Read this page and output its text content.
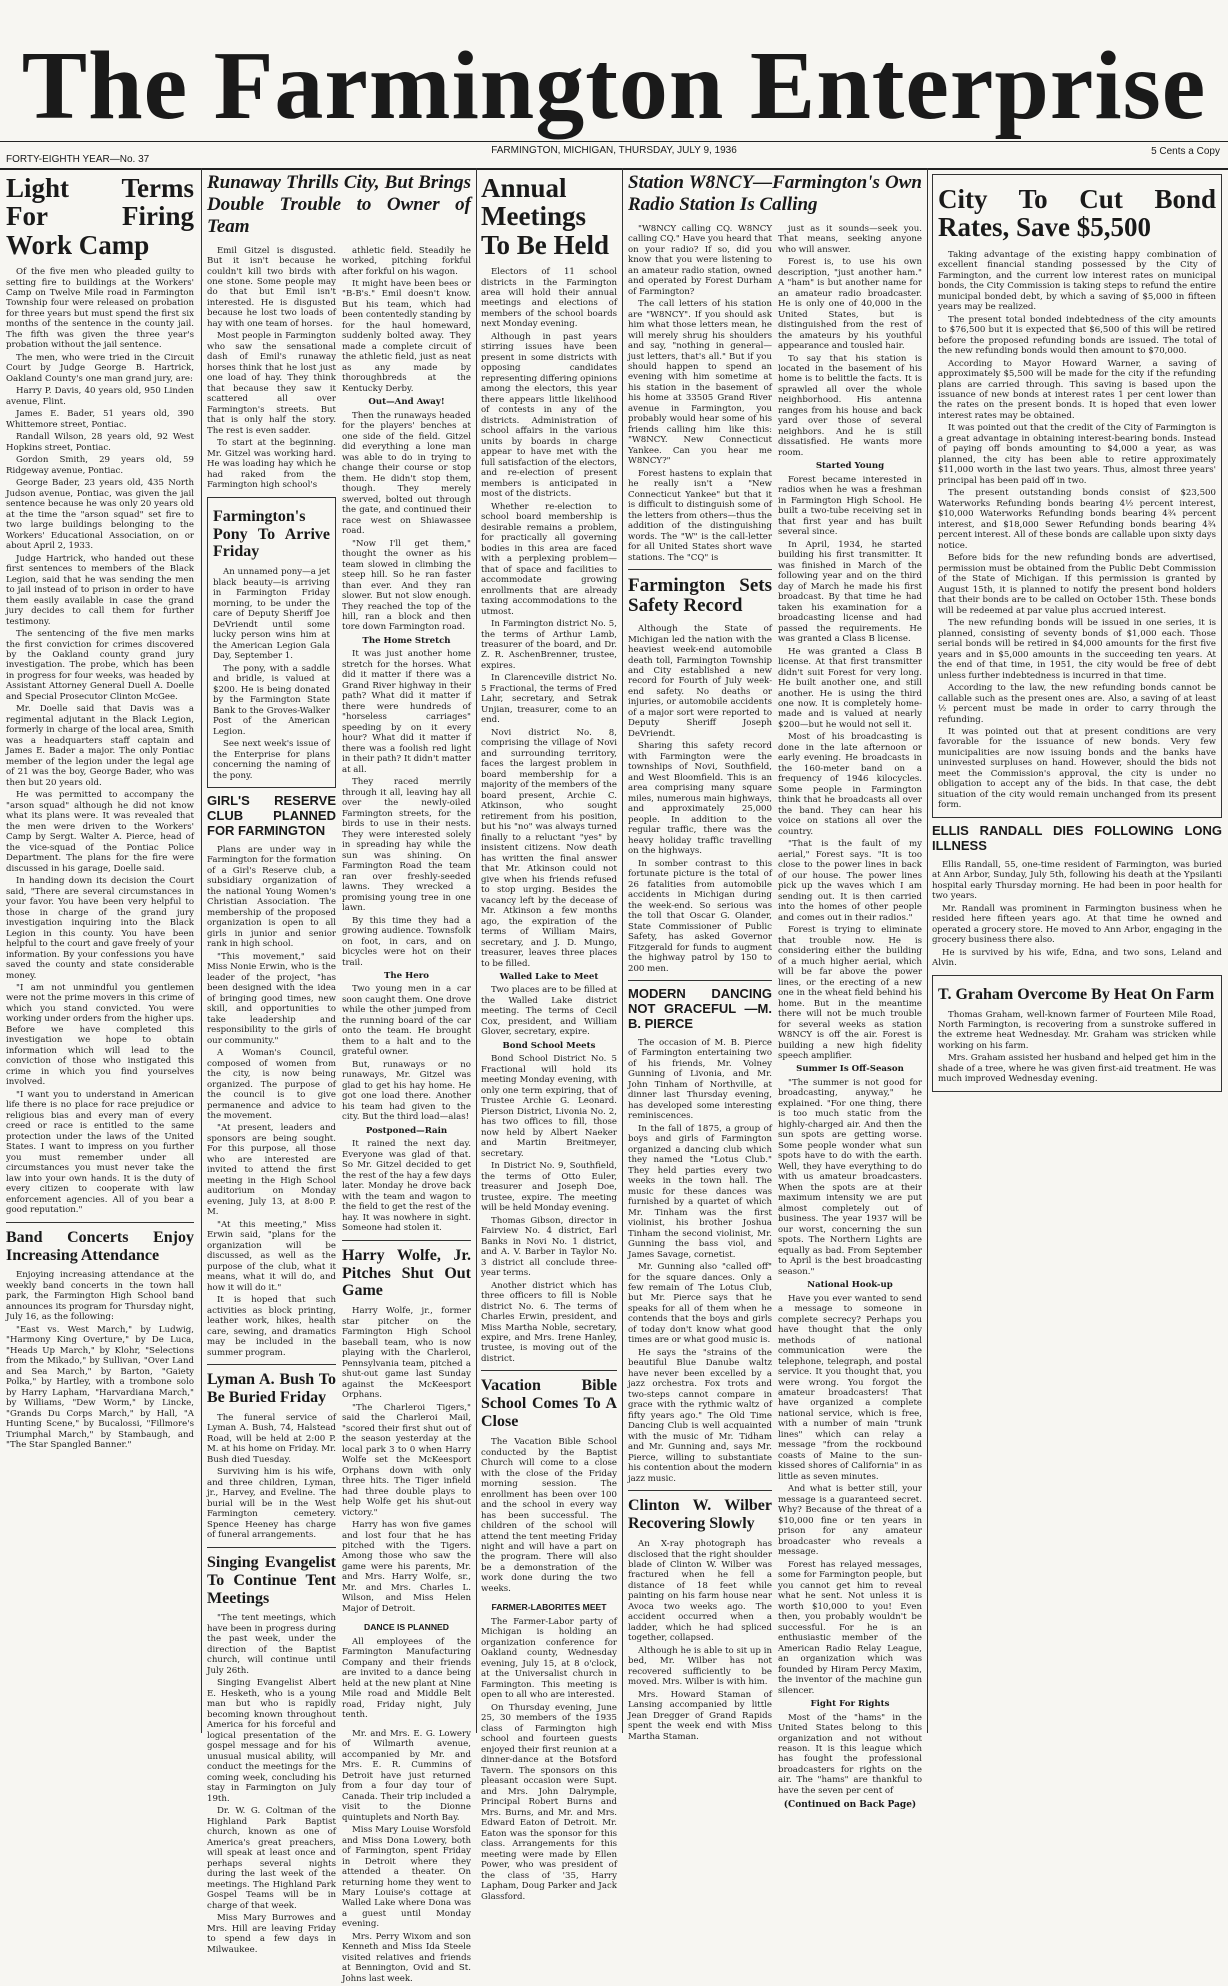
The Farmington Enterprise
FORTY-EIGHTH YEAR—No. 37
FARMINGTON, MICHIGAN, THURSDAY, JULY 9, 1936	5 Cents a Copy
Light Terms For Firing Work Camp

Of the five men who pleaded guilty to setting fire to buildings at the Workers' Camp on Twelve Mile road in Farmington Township four were released on probation for three years but must spend the first six months of the sentence in the county jail. The fifth was given the three year's probation without the jail sentence.

The men, who were tried in the Circuit Court by Judge George B. Hartrick, Oakland County's one man grand jury, are:

Harry P. Davis, 40 years old, 950 Linden avenue, Flint.

James E. Bader, 51 years old, 390 Whittemore street, Pontiac.

Randall Wilson, 28 years old, 92 West Hopkins street, Pontiac.

Gordon Smith, 29 years old, 59 Ridgeway avenue, Pontiac.

George Bader, 23 years old, 435 North Judson avenue, Pontiac, was given the jail sentence because he was only 20 years old at the time the "arson squad" set fire to two large buildings belonging to the Workers' Educational Association, on or about April 2, 1933.

Judge Hartrick, who handed out these first sentences to members of the Black Legion, said that he was sending the men to jail instead of to prison in order to have them easily available in case the grand jury decides to call them for further testimony.

The sentencing of the five men marks the first conviction for crimes discovered by the Oakland county grand jury investigation. The probe, which has been in progress for four weeks, was headed by Assistant Attorney General Duell A. Doelle and Special Prosecutor Clinton McGee.

Mr. Doelle said that Davis was a regimental adjutant in the Black Legion, formerly in charge of the local area, Smith was a headquarters staff captain and James E. Bader a major. The only Pontiac member of the legion under the legal age of 21 was the boy, George Bader, who was then but 20 years old.

He was permitted to accompany the "arson squad" although he did not know what its plans were. It was revealed that the men were driven to the Workers' Camp by Sergt. Walter A. Pierce, head of the vice-squad of the Pontiac Police Department. The plans for the fire were discussed in his garage, Doelle said.

In handing down its decision the Court said, "There are several circumstances in your favor. You have been very helpful to those in charge of the grand jury investigation inquiring into the Black Legion in this county. You have been helpful to the court and gave freely of your information. By your confessions you have saved the county and state considerable money.

"I am not unmindful you gentlemen were not the prime movers in this crime of which you stand convicted. You were working under orders from the higher ups. Before we have completed this investigation we hope to obtain information which will lead to the conviction of those who instigated this crime in which you find yourselves involved.

"I want you to understand in American life there is no place for race prejudice or religious bias and every man of every creed or race is entitled to the same protection under the laws of the United States. I want to impress on you further you must remember under all circumstances you must never take the law into your own hands. It is the duty of every citizen to cooperate with law enforcement agencies. All of you bear a good reputation."

Band Concerts Enjoy Increasing Attendance

Enjoying increasing attendance at the weekly band concerts in the town hall park, the Farmington High School band announces its program for Thursday night, July 16, as the following:

"East vs. West March," by Ludwig, "Harmony King Overture," by De Luca, "Heads Up March," by Klohr, "Selections from the Mikado," by Sullivan, "Over Land and Sea March," by Barton, "Gaiety Polka," by Hartley, with a trombone solo by Harry Lapham, "Harvardiana March," by Williams, "Dew Worm," by Lincke, "Grands Du Corps March," by Hall, "A Hunting Scene," by Bucalossi, "Fillmore's Triumphal March," by Stambaugh, and "The Star Spangled Banner."

Runaway Thrills City, But Brings Double Trouble to Owner of Team

Emil Gitzel is disgusted. But it isn't because he couldn't kill two birds with one stone. Some people may do that but Emil isn't interested. He is disgusted because he lost two loads of hay with one team of horses.

Most people in Farmington who saw the sensational dash of Emil's runaway horses think that he lost just one load of hay. They think that because they saw it scattered all over Farmington's streets. But that is only half the story. The rest is even sadder.

To start at the beginning. Mr. Gitzel was working hard. He was loading hay which he had raked from the Farmington high school's

Farmington's Pony To Arrive Friday

An unnamed pony—a jet black beauty—is arriving in Farmington Friday morning, to be under the care of Deputy Sheriff Joe DeVriendt until some lucky person wins him at the American Legion Gala Day, September 1.

The pony, with a saddle and bridle, is valued at $200. He is being donated by the Farmington State Bank to the Groves-Walker Post of the American Legion.

See next week's issue of the Enterprise for plans concerning the naming of the pony.

GIRL'S RESERVE CLUB PLANNED FOR FARMINGTON

Plans are under way in Farmington for the formation of a Girl's Reserve club, a subsidiary organization of the national Young Women's Christian Association. The membership of the proposed organization is open to all girls in junior and senior rank in high school.

"This movement," said Miss Nonie Erwin, who is the leader of the project, "has been designed with the idea of bringing good times, new skill, and opportunities to take leadership and responsibility to the girls of our community."

A Woman's Council, composed of women from the city, is now being organized. The purpose of the council is to give permanence and advice to the movement.

"At present, leaders and sponsors are being sought. For this purpose, all those who are interested are invited to attend the first meeting in the High School auditorium on Monday evening, July 13, at 8:00 P. M.

"At this meeting," Miss Erwin said, "plans for the organization will be discussed, as well as the purpose of the club, what it means, what it will do, and how it will do it."

It is hoped that such activities as block printing, leather work, hikes, health care, sewing, and dramatics may be included in the summer program.

Lyman A. Bush To Be Buried Friday

The funeral service of Lyman A. Bush, 74, Halstead Road, will be held at 2:00 P. M. at his home on Friday. Mr. Bush died Tuesday.

Surviving him is his wife, and three children, Lyman, jr., Harvey, and Eveline. The burial will be in the West Farmington cemetery. Spence Heeney has charge of funeral arrangements.

Singing Evangelist To Continue Tent Meetings

"The tent meetings, which have been in progress during the past week, under the direction of the Baptist church, will continue until July 26th.

Singing Evangelist Albert E. Hesketh, who is a young man but who is rapidly becoming known throughout America for his forceful and logical presentation of the gospel message and for his unusual musical ability, will conduct the meetings for the coming week, concluding his stay in Farmington on July 19th.

Dr. W. G. Coltman of the Highland Park Baptist church, known as one of America's great preachers, will speak at least once and perhaps several nights during the last week of the meetings. The Highland Park Gospel Teams will be in charge of that week.

Miss Mary Burrowes and Mrs. Hill are leaving Friday to spend a few days in Milwaukee.

athletic field. Steadily he worked, pitching forkful after forkful on his wagon.

It might have been bees or "B-B's." Emil doesn't know. But his team, which had been contentedly standing by for the haul homeward, suddenly bolted away. They made a complete circuit of the athletic field, just as neat as any made by thoroughbreds at the Kentucky Derby.

Out—And Away!

Then the runaways headed for the players' benches at one side of the field. Gitzel did everything a lone man was able to do in trying to change their course or stop them. He didn't stop them, though. They merely swerved, bolted out through the gate, and continued their race west on Shiawassee road.

"Now I'll get them," thought the owner as his team slowed in climbing the steep hill. So he ran faster than ever. And they ran slower. But not slow enough. They reached the top of the hill, ran a block and then tore down Farmington road.

The Home Stretch

It was just another home stretch for the horses. What did it matter if there was a Grand River highway in their path? What did it matter if there were hundreds of "horseless carriages" speeding by on it every hour? What did it matter if there was a foolish red light in their path? It didn't matter at all.

They raced merrily through it all, leaving hay all over the newly-oiled Farmington streets, for the birds to use in their nests. They were interested solely in spreading hay while the sun was shining. On Farmington Road the team ran over freshly-seeded lawns. They wrecked a promising young tree in one lawn.

By this time they had a growing audience. Townsfolk on foot, in cars, and on bicycles were hot on their trail.

The Hero

Two young men in a car soon caught them. One drove while the other jumped from the running board of the car onto the team. He brought them to a halt and to the grateful owner.

But, runaways or no runaways, Mr. Gitzel was glad to get his hay home. He got one load there. Another his team had given to the city. But the third load—alas!

Postponed—Rain

It rained the next day. Everyone was glad of that. So Mr. Gitzel decided to get the rest of the hay a few days later. Monday he drove back with the team and wagon to the field to get the rest of the hay. It was nowhere in sight. Someone had stolen it.

Harry Wolfe, Jr. Pitches Shut Out Game

Harry Wolfe, jr., former star pitcher on the Farmington High School baseball team, who is now playing with the Charleroi, Pennsylvania team, pitched a shut-out game last Sunday against the McKeesport Orphans.

"The Charleroi Tigers," said the Charleroi Mail, "scored their first shut out of the season yesterday at the local park 3 to 0 when Harry Wolfe set the McKeesport Orphans down with only three hits. The Tiger infield had three double plays to help Wolfe get his shut-out victory."

Harry has won five games and lost four that he has pitched with the Tigers. Among those who saw the game were his parents, Mr. and Mrs. Harry Wolfe, sr., Mr. and Mrs. Charles L. Wilson, and Miss Helen Major of Detroit.

DANCE IS PLANNED

All employees of the Farmington Manufacturing Company and their friends are invited to a dance being held at the new plant at Nine Mile road and Middle Belt road, Friday night, July tenth.

Mr. and Mrs. E. G. Lowery of Wilmarth avenue, accompanied by Mr. and Mrs. E. R. Cummins of Detroit have just returned from a four day tour of Canada. Their trip included a visit to the Dionne quintuplets and North Bay.

Miss Mary Louise Worsfold and Miss Dona Lowery, both of Farmington, spent Friday in Detroit where they attended a theater. On returning home they went to Mary Louise's cottage at Walled Lake where Dona was a guest until Monday evening.

Mrs. Perry Wixom and son Kenneth and Miss Ida Steele visited relatives and friends at Bennington, Ovid and St. Johns last week.

Annual Meetings To Be Held

Electors of 11 school districts in the Farmington area will hold their annual meetings and elections of members of the school boards next Monday evening.

Although in past years stirring issues have been present in some districts with opposing candidates representing differing opinions among the electors, this year there appears little likelihood of contests in any of the districts. Administration of school affairs in the various units by boards in charge appear to have met with the full satisfaction of the electors, and re-election of present members is anticipated in most of the districts.

Whether re-election to school board membership is desirable remains a problem, for practically all governing bodies in this area are faced with a perplexing problem—that of space and facilities to accommodate growing enrollments that are already taxing accommodations to the utmost.

In Farmington district No. 5, the terms of Arthur Lamb, treasurer of the board, and Dr. Z. R. AschenBrenner, trustee, expires.

In Clarenceville district No. 5 Fractional, the terms of Fred Lahr, secretary, and Setrak Unjian, treasurer, come to an end.

Novi district No. 8, comprising the village of Novi and surrounding territory, faces the largest problem in board membership for a majority of the members of the board present, Archie C. Atkinson, who sought retirement from his position, but his "no" was always turned finally to a reluctant "yes" by insistent citizens. Now death has written the final answer that Mr. Atkinson could not give when his friends refused to stop urging. Besides the vacancy left by the decease of Mr. Atkinson a few months ago, the expiration of the terms of William Mairs, secretary, and J. D. Mungo, treasurer, leaves three places to be filled.

Walled Lake to Meet

Two places are to be filled at the Walled Lake district meeting. The terms of Cecil Cox, president, and William Glover, secretary, expire.

Bond School Meets

Bond School District No. 5 Fractional will hold its meeting Monday evening, with only one term expiring, that of Trustee Archie G. Leonard. Pierson District, Livonia No. 2, has two offices to fill, those now held by Albert Naeker and Martin Breitmeyer, secretary.

In District No. 9, Southfield, the terms of Otto Euler, treasurer and Joseph Doe, trustee, expire. The meeting will be held Monday evening.

Thomas Gibson, director in Fairview No. 4 district, Earl Banks in Novi No. 1 district, and A. V. Barber in Taylor No. 3 district all conclude three-year terms.

Another district which has three officers to fill is Noble district No. 6. The terms of Charles Erwin, president, and Miss Martha Noble, secretary, expire, and Mrs. Irene Hanley, trustee, is moving out of the district.

Vacation Bible School Comes To A Close

The Vacation Bible School conducted by the Baptist Church will come to a close with the close of the Friday morning session. The enrollment has been over 100 and the school in every way has been successful. The children of the school will attend the tent meeting Friday night and will have a part on the program. There will also be a demonstration of the work done during the two weeks.

FARMER-LABORITES MEET

The Farmer-Labor party of Michigan is holding an organization conference for Oakland county, Wednesday evening, July 15, at 8 o'clock, at the Universalist church in Farmington. This meeting is open to all who are interested.

On Thursday evening, June 25, 30 members of the 1935 class of Farmington high school and fourteen guests enjoyed their first reunion at a dinner-dance at the Botsford Tavern. The sponsors on this pleasant occasion were Supt. and Mrs. John Dalrymple, Principal Robert Burns and Mrs. Burns, and Mr. and Mrs. Edward Eaton of Detroit. Mr. Eaton was the sponsor for this class. Arrangements for this meeting were made by Ellen Power, who was president of the class of '35, Harry Lapham, Doug Parker and Jack Glassford.

Station W8NCY—Farmington's Own Radio Station Is Calling

"W8NCY calling CQ. W8NCY calling CQ." Have you heard that on your radio? If so, did you know that you were listening to an amateur radio station, owned and operated by Forest Durham of Farmington?

The call letters of his station are "W8NCY". If you should ask him what those letters mean, he will merely shrug his shoulders and say, "nothing in general—just letters, that's all." But if you should happen to spend an evening with him sometime at his station in the basement of his home at 33505 Grand River avenue in Farmington, you probably would hear some of his friends calling him like this: "W8NCY. New Connecticut Yankee. Can you hear me W8NCY?"

Forest hastens to explain that he really isn't a "New Connecticut Yankee" but that it is difficult to distinguish some of the letters from others—thus the addition of the distinguishing words. The "W" is the call-letter for all United States short wave stations. The "CQ" is

Farmington Sets Safety Record

Although the State of Michigan led the nation with the heaviest week-end automobile death toll, Farmington Township and City established a new record for Fourth of July week-end safety. No deaths or injuries, or automobile accidents of a major sort were reported to Deputy Sheriff Joseph DeVriendt.

Sharing this safety record with Farmington were the townships of Novi, Southfield, and West Bloomfield. This is an area comprising many square miles, numerous main highways, and approximately 25,000 people. In addition to the regular traffic, there was the heavy holiday traffic travelling on the highways.

In somber contrast to this fortunate picture is the total of 26 fatalities from automobile accidents in Michigan during the week-end. So serious was the toll that Oscar G. Olander, State Commissioner of Public Safety, has asked Governor Fitzgerald for funds to augment the highway patrol by 150 to 200 men.

MODERN DANCING NOT GRACEFUL —M. B. PIERCE

The occasion of M. B. Pierce of Farmington entertaining two of his friends, Mr. Volney Gunning of Livonia, and Mr. John Tinham of Northville, at dinner last Thursday evening, has developed some interesting reminiscences.

In the fall of 1875, a group of boys and girls of Farmington organized a dancing club which they named the "Lotus Club." They held parties every two weeks in the town hall. The music for these dances was furnished by a quartet of which Mr. Tinham was the first violinist, his brother Joshua Tinham the second violinist, Mr. Gunning the bass viol, and James Savage, cornetist.

Mr. Gunning also "called off" for the square dances. Only a few remain of The Lotus Club, but Mr. Pierce says that he speaks for all of them when he contends that the boys and girls of today don't know what good times are or what good music is.

He says the "strains of the beautiful Blue Danube waltz have never been excelled by a jazz orchestra. Fox trots and two-steps cannot compare in grace with the rythmic waltz of fifty years ago." The Old Time Dancing Club is well acquainted with the music of Mr. Tidham and Mr. Gunning and, says Mr. Pierce, willing to substantiate his contention about the modern jazz music.

Clinton W. Wilber Recovering Slowly

An X-ray photograph has disclosed that the right shoulder blade of Clinton W. Wilber was fractured when he fell a distance of 18 feet while painting on his farm house near Avoca two weeks ago. The accident occurred when a ladder, which he had spliced together, collapsed.

Although he is able to sit up in bed, Mr. Wilber has not recovered sufficiently to be moved. Mrs. Wilber is with him.

Mrs. Howard Staman of Lansing accompanied by little Jean Dregger of Grand Rapids spent the week end with Miss Martha Staman.

just as it sounds—seek you. That means, seeking anyone who will answer.

Forest is, to use his own description, "just another ham." A "ham" is but another name for an amateur radio broadcaster. He is only one of 40,000 in the United States, but is distinguished from the rest of the amateurs by his youthful appearance and tousled hair.

To say that his station is located in the basement of his home is to belittle the facts. It is sprawled all over the whole neighborhood. His antenna ranges from his house and back yard over those of several neighbors. And he is still dissatisfied. He wants more room.

Started Young

Forest became interested in radios when he was a freshman in Farmington High School. He built a two-tube receiving set in that first year and has built several since.

In April, 1934, he started building his first transmitter. It was finished in March of the following year and on the third day of March he made his first broadcast. By that time he had taken his examination for a broadcasting license and had passed the requirements. He was granted a Class B license.

He was granted a Class B license. At that first transmitter didn't suit Forest for very long. He built another one, and still another. He is using the third one now. It is completely home-made and is valued at nearly $200—but he would not sell it.

Most of his broadcasting is done in the late afternoon or early evening. He broadcasts in the 160-meter band on a frequency of 1946 kilocycles. Some people in Farmington think that he broadcasts all over the band. They can hear his voice on stations all over the country.

"That is the fault of my aerial," Forest says. "It is too close to the power lines in back of our house. The power lines pick up the waves which I am sending out. It is then carried into the homes of other people and comes out in their radios."

Forest is trying to eliminate that trouble now. He is considering either the building of a much higher aerial, which will be far above the power lines, or the erecting of a new one in the wheat field behind his home. But in the meantime there will not be much trouble for several weeks as station W8NCY is off the air. Forest is building a new high fidelity speech amplifier.

Summer Is Off-Season

"The summer is not good for broadcasting, anyway," he explained. "For one thing, there is too much static from the highly-charged air. And then the sun spots are getting worse. Some people wonder what sun spots have to do with the earth. Well, they have everything to do with us amateur broadcasters. When the spots are at their maximum intensity we are put almost completely out of business. The year 1937 will be our worst, concerning the sun spots. The Northern Lights are equally as bad. From September to April is the best broadcasting season."

National Hook-up

Have you ever wanted to send a message to someone in complete secrecy? Perhaps you have thought that the only methods of national communication were the telephone, telegraph, and postal service. It you thought that, you were wrong. You forgot the amateur broadcasters! That have organized a complete national service, which is free, with a number of main "trunk lines" which can relay a message "from the rockbound coasts of Maine to the sun-kissed shores of California" in as little as seven minutes.

And what is better still, your message is a guaranteed secret. Why? Because of the threat of a $10,000 fine or ten years in prison for any amateur broadcaster who reveals a message.

Forest has relayed messages, some for Farmington people, but you cannot get him to reveal what he sent. Not unless it is worth $10,000 to you! Even then, you probably wouldn't be successful. For he is an enthusiastic member of the American Radio Relay League, an organization which was founded by Hiram Percy Maxim, the inventor of the machine gun silencer.

Fight For Rights

Most of the "hams" in the United States belong to this organization and not without reason. It is this league which has fought the professional broadcasters for rights on the air. The "hams" are thankful to have the seven per cent of

(Continued on Back Page)
City To Cut Bond Rates, Save $5,500

Taking advantage of the existing happy combination of excellent financial standing possessed by the City of Farmington, and the current low interest rates on municipal bonds, the City Commission is taking steps to refund the entire municipal bonded debt, by which a saving of $5,000 in fifteen years may be realized.

The present total bonded indebtedness of the city amounts to $76,500 but it is expected that $6,500 of this will be retired before the proposed refunding bonds are issued. The total of the new refunding bonds would then amount to $70,000.

According to Mayor Howard Warner, a saving of approximately $5,500 will be made for the city if the refunding plans are carried through. This saving is based upon the issuance of new bonds at interest rates 1 per cent lower than the rates on the present bonds. It is hoped that even lower interest rates may be obtained.

It was pointed out that the credit of the City of Farmington is a great advantage in obtaining interest-bearing bonds. Instead of paying off bonds amounting to $4,000 a year, as was planned, the city has been able to retire approximately $11,000 worth in the last two years. Thus, almost three years' principal has been paid off in two.

The present outstanding bonds consist of $23,500 Waterworks Refunding bonds bearing 4½ percent interest, $10,000 Waterworks Refunding bonds bearing 4¾ percent interest, and $18,000 Sewer Refunding bonds bearing 4¾ percent interest. All of these bonds are callable upon sixty days notice.

Before bids for the new refunding bonds are advertised, permission must be obtained from the Public Debt Commission of the State of Michigan. If this permission is granted by August 15th, it is planned to notify the present bond holders that their bonds are to be called on October 15th. These bonds will be redeemed at par value plus accrued interest.

The new refunding bonds will be issued in one series, it is planned, consisting of seventy bonds of $1,000 each. Those serial bonds will be retired in $4,000 amounts for the first five years and in $5,000 amounts in the succeeding ten years. At the end of that time, in 1951, the city would be free of debt unless further indebtedness is incurred in that time.

According to the law, the new refunding bonds cannot be callable such as the present ones are. Also, a saving of at least ½ percent must be made in order to carry through the refunding.

It was pointed out that at present conditions are very favorable for the issuance of new bonds. Very few municipalities are now issuing bonds and the banks have uninvested surpluses on hand. However, should the bids not meet the Commission's approval, the city is under no obligation to accept any of the bids. In that case, the debt situation of the city would remain unchanged from its present form.

ELLIS RANDALL DIES FOLLOWING LONG ILLNESS

Ellis Randall, 55, one-time resident of Farmington, was buried at Ann Arbor, Sunday, July 5th, following his death at the Ypsilanti hospital early Thursday morning. He had been in poor health for two years.

Mr. Randall was prominent in Farmington business when he resided here fifteen years ago. At that time he owned and operated a grocery store. He moved to Ann Arbor, engaging in the grocery business there also.

He is survived by his wife, Edna, and two sons, Leland and Alvin.

T. Graham Overcome By Heat On Farm

Thomas Graham, well-known farmer of Fourteen Mile Road, North Farmington, is recovering from a sunstroke suffered in the extreme heat Wednesday. Mr. Graham was stricken while working on his farm.

Mrs. Graham assisted her husband and helped get him in the shade of a tree, where he was given first-aid treatment. He was much improved Wednesday evening.
